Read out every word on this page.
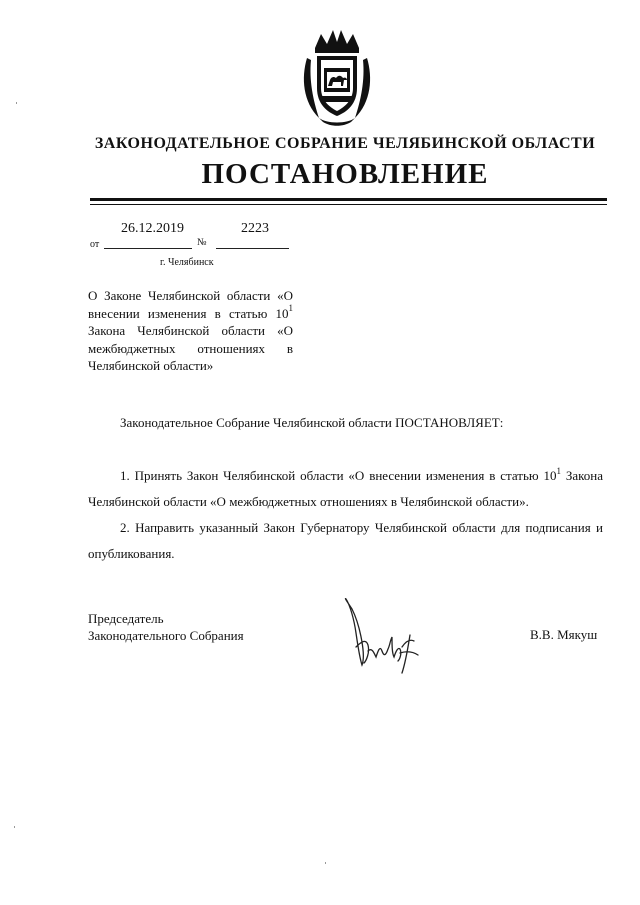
ЗАКОНОДАТЕЛЬНОЕ СОБРАНИЕ ЧЕЛЯБИНСКОЙ ОБЛАСТИ
ПОСТАНОВЛЕНИЕ
26.12.2019	2223
от	№
г. Челябинск

О Законе Челябинской области «О внесении изменения в статью $10^1$ Закона Челябинской области «О межбюджетных отношениях в Челябинской области»

Законодательное Собрание Челябинской области ПОСТАНОВЛЯЕТ:

1. Принять Закон Челябинской области «О внесении изменения в статью $10^1$ Закона Челябинской области «О межбюджетных отношениях в Челябинской области».

2. Направить указанный Закон Губернатору Челябинской области для подписания и опубликования.

Председатель
Законодательного Собрания	В.В. Мякуш
